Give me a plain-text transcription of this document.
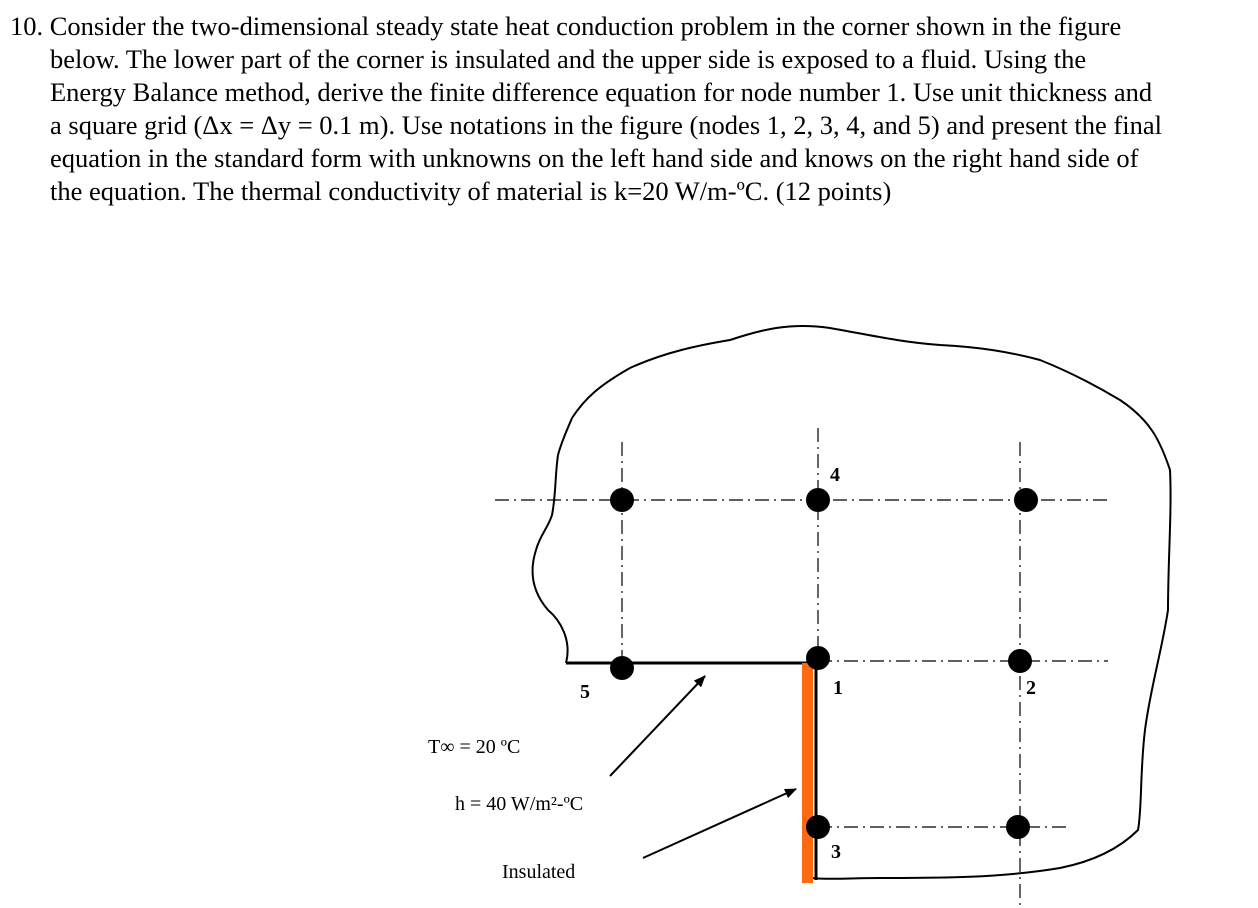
10. Consider the two-dimensional steady state heat conduction problem in the corner shown in the figure
below. The lower part of the corner is insulated and the upper side is exposed to a fluid. Using the
Energy Balance method, derive the finite difference equation for node number 1. Use unit thickness and
a square grid (Δx = Δy = 0.1 m). Use notations in the figure (nodes 1, 2, 3, 4, and 5) and present the final
equation in the standard form with unknowns on the left hand side and knows on the right hand side of
the equation. The thermal conductivity of material is k=20 W/m-ºC. (12 points)
4
5	1	2
3
T∞ = 20 ºC
h = 40 W/m²-ºC
Insulated
